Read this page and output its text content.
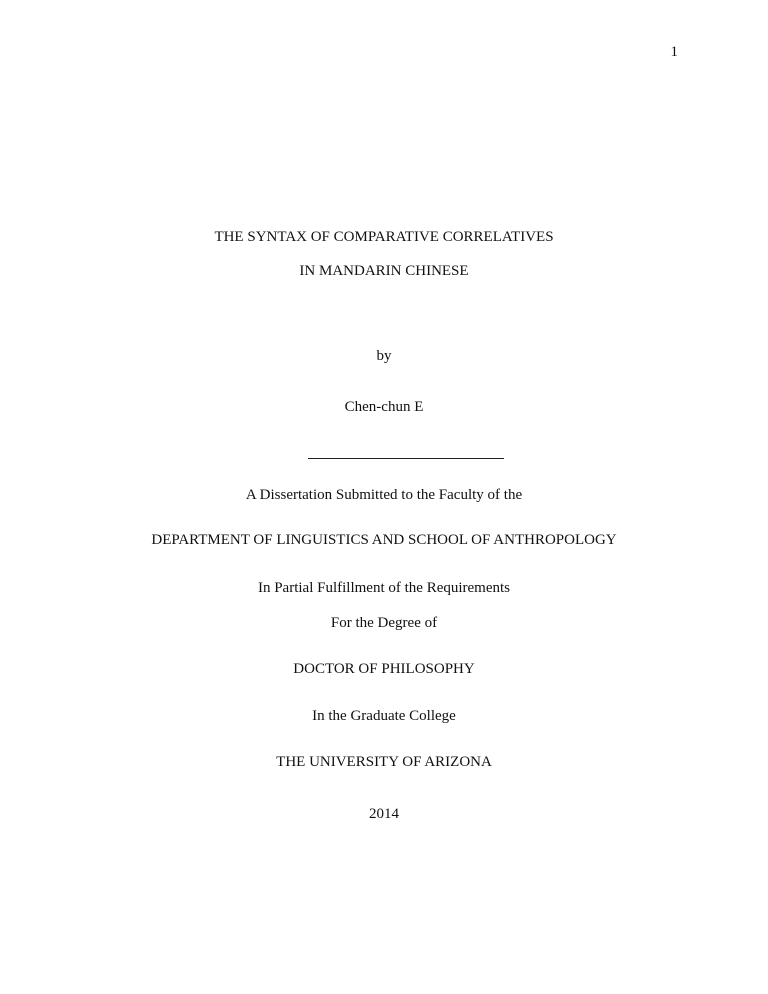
1
THE SYNTAX OF COMPARATIVE CORRELATIVES
IN MANDARIN CHINESE
by
Chen-chun E
A Dissertation Submitted to the Faculty of the
DEPARTMENT OF LINGUISTICS AND SCHOOL OF ANTHROPOLOGY
In Partial Fulfillment of the Requirements
For the Degree of
DOCTOR OF PHILOSOPHY
In the Graduate College
THE UNIVERSITY OF ARIZONA
2014
